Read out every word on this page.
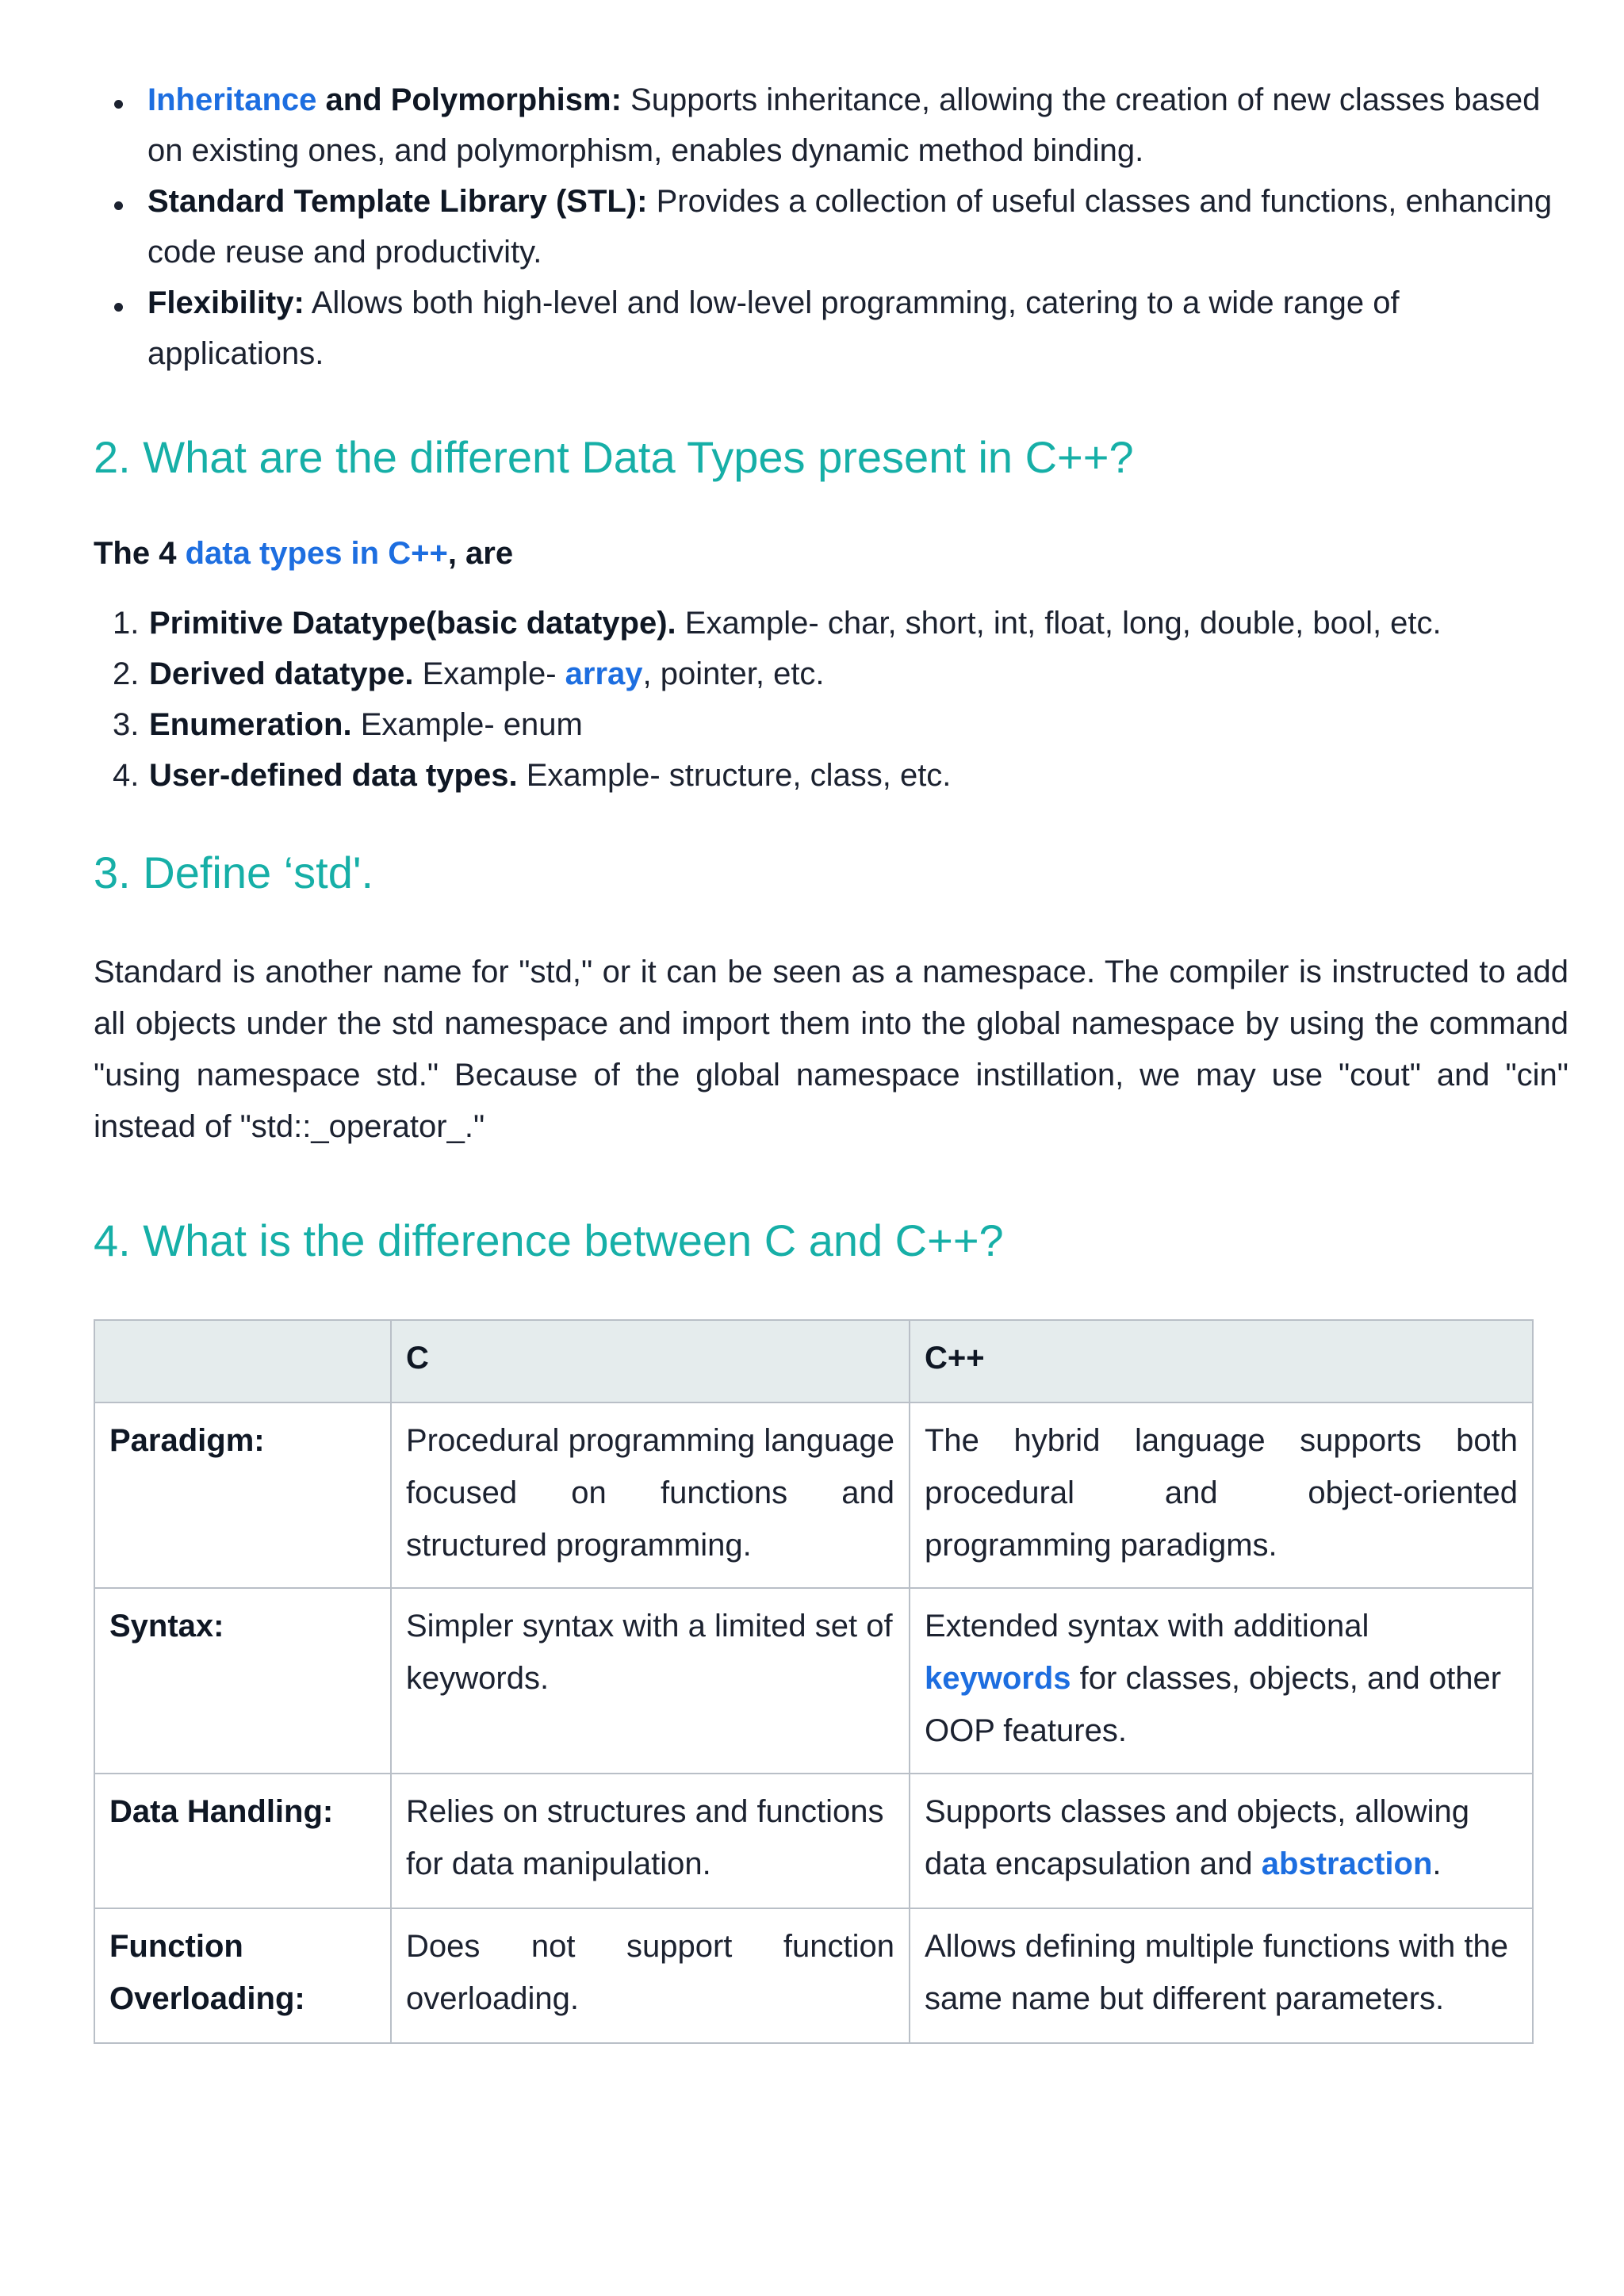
Inheritance and Polymorphism: Supports inheritance, allowing the creation of new classes based on existing ones, and polymorphism, enables dynamic method binding.
Standard Template Library (STL): Provides a collection of useful classes and functions, enhancing code reuse and productivity.
Flexibility: Allows both high-level and low-level programming, catering to a wide range of applications.
2. What are the different Data Types present in C++?
The 4 data types in C++, are
1. Primitive Datatype(basic datatype). Example- char, short, int, float, long, double, bool, etc.
2. Derived datatype. Example- array, pointer, etc.
3. Enumeration. Example- enum
4. User-defined data types. Example- structure, class, etc.
3. Define ‘std'.

Standard is another name for "std," or it can be seen as a namespace. The compiler is instructed to add all objects under the std namespace and import them into the global namespace by using the command "using namespace std." Because of the global namespace instillation, we may use "cout" and "cin" instead of "std::_operator_."

4. What is the difference between C and C++?
	C	C++
Paradigm:	Procedural programming language focused on functions and structured programming.	The hybrid language supports both procedural and object-oriented programming paradigms.
Syntax:	Simpler syntax with a limited set of keywords.	Extended syntax with additional keywords for classes, objects, and other OOP features.
Data Handling:	Relies on structures and functions for data manipulation.	Supports classes and objects, allowing data encapsulation and abstraction.
Function Overloading:	Does not support function overloading.	Allows defining multiple functions with the same name but different parameters.
